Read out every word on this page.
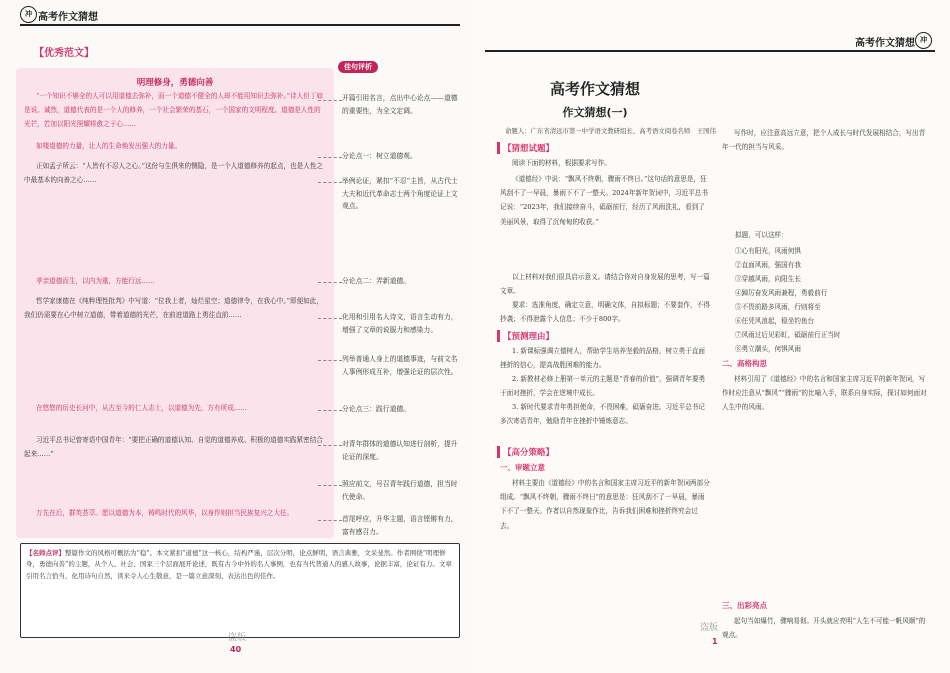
冲 高考作文猜想
【优秀范文】
明理修身，勇德向善
“一个知识不够全的人可以用道德去弥补，而一个道德不健全的人却不能用知识去弥补。”诗人但丁如是说。诚然，道德代表的是一个人的修养，一个社会繁荣的基石，一个国家的文明程度。道德是人性的光芒，若加以阳光照耀将愈之于心……
如楼道德的力量，让人的生命焕发出强大的力量。
正如孟子所云：“人皆有不忍人之心。”这份与生俱来的恻隐，是一个人道德修养的起点，也是人性之中最基本的向善之心……
孝亲道德而生，以内为重，方能行远……
哲学家康德在《纯粹理性批判》中写道：“位我上者，灿烂星空；道德律令，在我心中。”即便如此，我们仍需要在心中树立道德，带着道德的光芒，在前进道路上勇往直前……
在悠悠的历史长河中，从古至今的仁人志士，以道德为先，方有所成……
习近平总书记曾寄语中国青年：“要把正确的道德认知、自觉的道德养成、积极的道德实践紧密结合起来……”
万先在后，群英荟萃。愿以道德为本，铸鸣时代的风华，以身作则担当民族复兴之大任。
佳句评析
开篇引用名言，点出中心论点——道德的重要性，为全文定调。
分论点一：树立道德观。
举例论证，紧扣“不忍”主旨，从古代士大夫和近代革命志士两个角度论证上文观点。
分论点二：弄新道德。
化用和引用名人诗文，语言生动有力，增强了文章的说服力和感染力。
列举普通人身上的道德事迹，与前文名人事例形成互补，增强论证的层次性。
分论点三：践行道德。
对青年群体的道德认知进行剖析，提升论证的深度。
照应前文，号召青年践行道德，担当时代使命。
首尾呼应，升华主题，语言铿锵有力，富有感召力。
【名师点评】整篇作文的风格可概括为“稳”。本文紧扣“道德”这一核心，结构严谨，层次分明，论点鲜明，语言典雅，文采斐然。作者围绕“明理修身，勇德向善”的主题，从个人、社会、国家三个层面展开论述，既有古今中外的名人事例，也有当代普通人的感人故事，论据丰富，论证有力。文章引用名言恰当，化用诗句自然，读来令人心生敬意，是一篇立意深刻、表达出色的佳作。
盗版
40
高考作文猜想 冲
高考作文猜想
作文猜想(一)
命题人：广东省清远市第一中学语文教研组长、高考语文阅卷名师　王国伟
【猜想试题】
阅读下面的材料，根据要求写作。
《道德经》中说：“飘风不终朝，骤雨不终日。”这句话的意思是，狂风刮不了一早晨，暴雨下不了一整天。2024年新年贺词中，习近平总书记说：“2023年，我们接续奋斗，砥砺前行，经历了风雨洗礼，看到了美丽风景，取得了沉甸甸的收获。”
以上材料对我们很具启示意义。请结合你对自身发展的思考，写一篇文章。
要求：选准角度，确定立意，明确文体，自拟标题；不要套作，不得抄袭；不得泄露个人信息；不少于800字。
【预测理由】
1. 新课标强调立德树人，帮助学生培养坚毅的品格，树立勇于直面挫折的信心，提高战胜困难的能力。
2. 新教材必修上册第一单元的主题是“青春的价值”，强调青年要勇于面对挫折，学会在逆境中成长。
3. 新时代要求青年勇担使命，不畏困难，砥砺奋进。习近平总书记多次寄语青年，勉励青年在挫折中锤炼意志。
【高分策略】
一、审题立意
材料主要由《道德经》中的名言和国家主席习近平的新年贺词两部分组成。“飘风不终朝，骤雨不终日”的意思是：狂风刮不了一早晨，暴雨下不了一整天。作者以自然现象作比，告诉我们困难和挫折终究会过去。
写作时，应注意高远立意，把个人成长与时代发展相结合，写出青年一代的担当与风采。
拟题，可以这样：
①心有阳光，风雨何惧
②直面风雨，强国有我
③穿越风雨，向阳生长
④踔厉奋发风雨兼程，勇毅前行
⑤不畏前路多风雨，行则将至
⑥任凭风浪起，稳坐钓鱼台
⑦风雨过后见彩虹，砥砺前行正当时
⑧勇立潮头，何惧风雨
二、高格构思
材料引用了《道德经》中的名言和国家主席习近平的新年贺词，写作时应注意从“飘风”“骤雨”的比喻入手，联系自身实际，探讨如何面对人生中的风雨。
三、出彩亮点
起句当如爆竹，骤响易彻。开头就应亮明“人生不可能一帆风顺”的观点。
盗版
1
